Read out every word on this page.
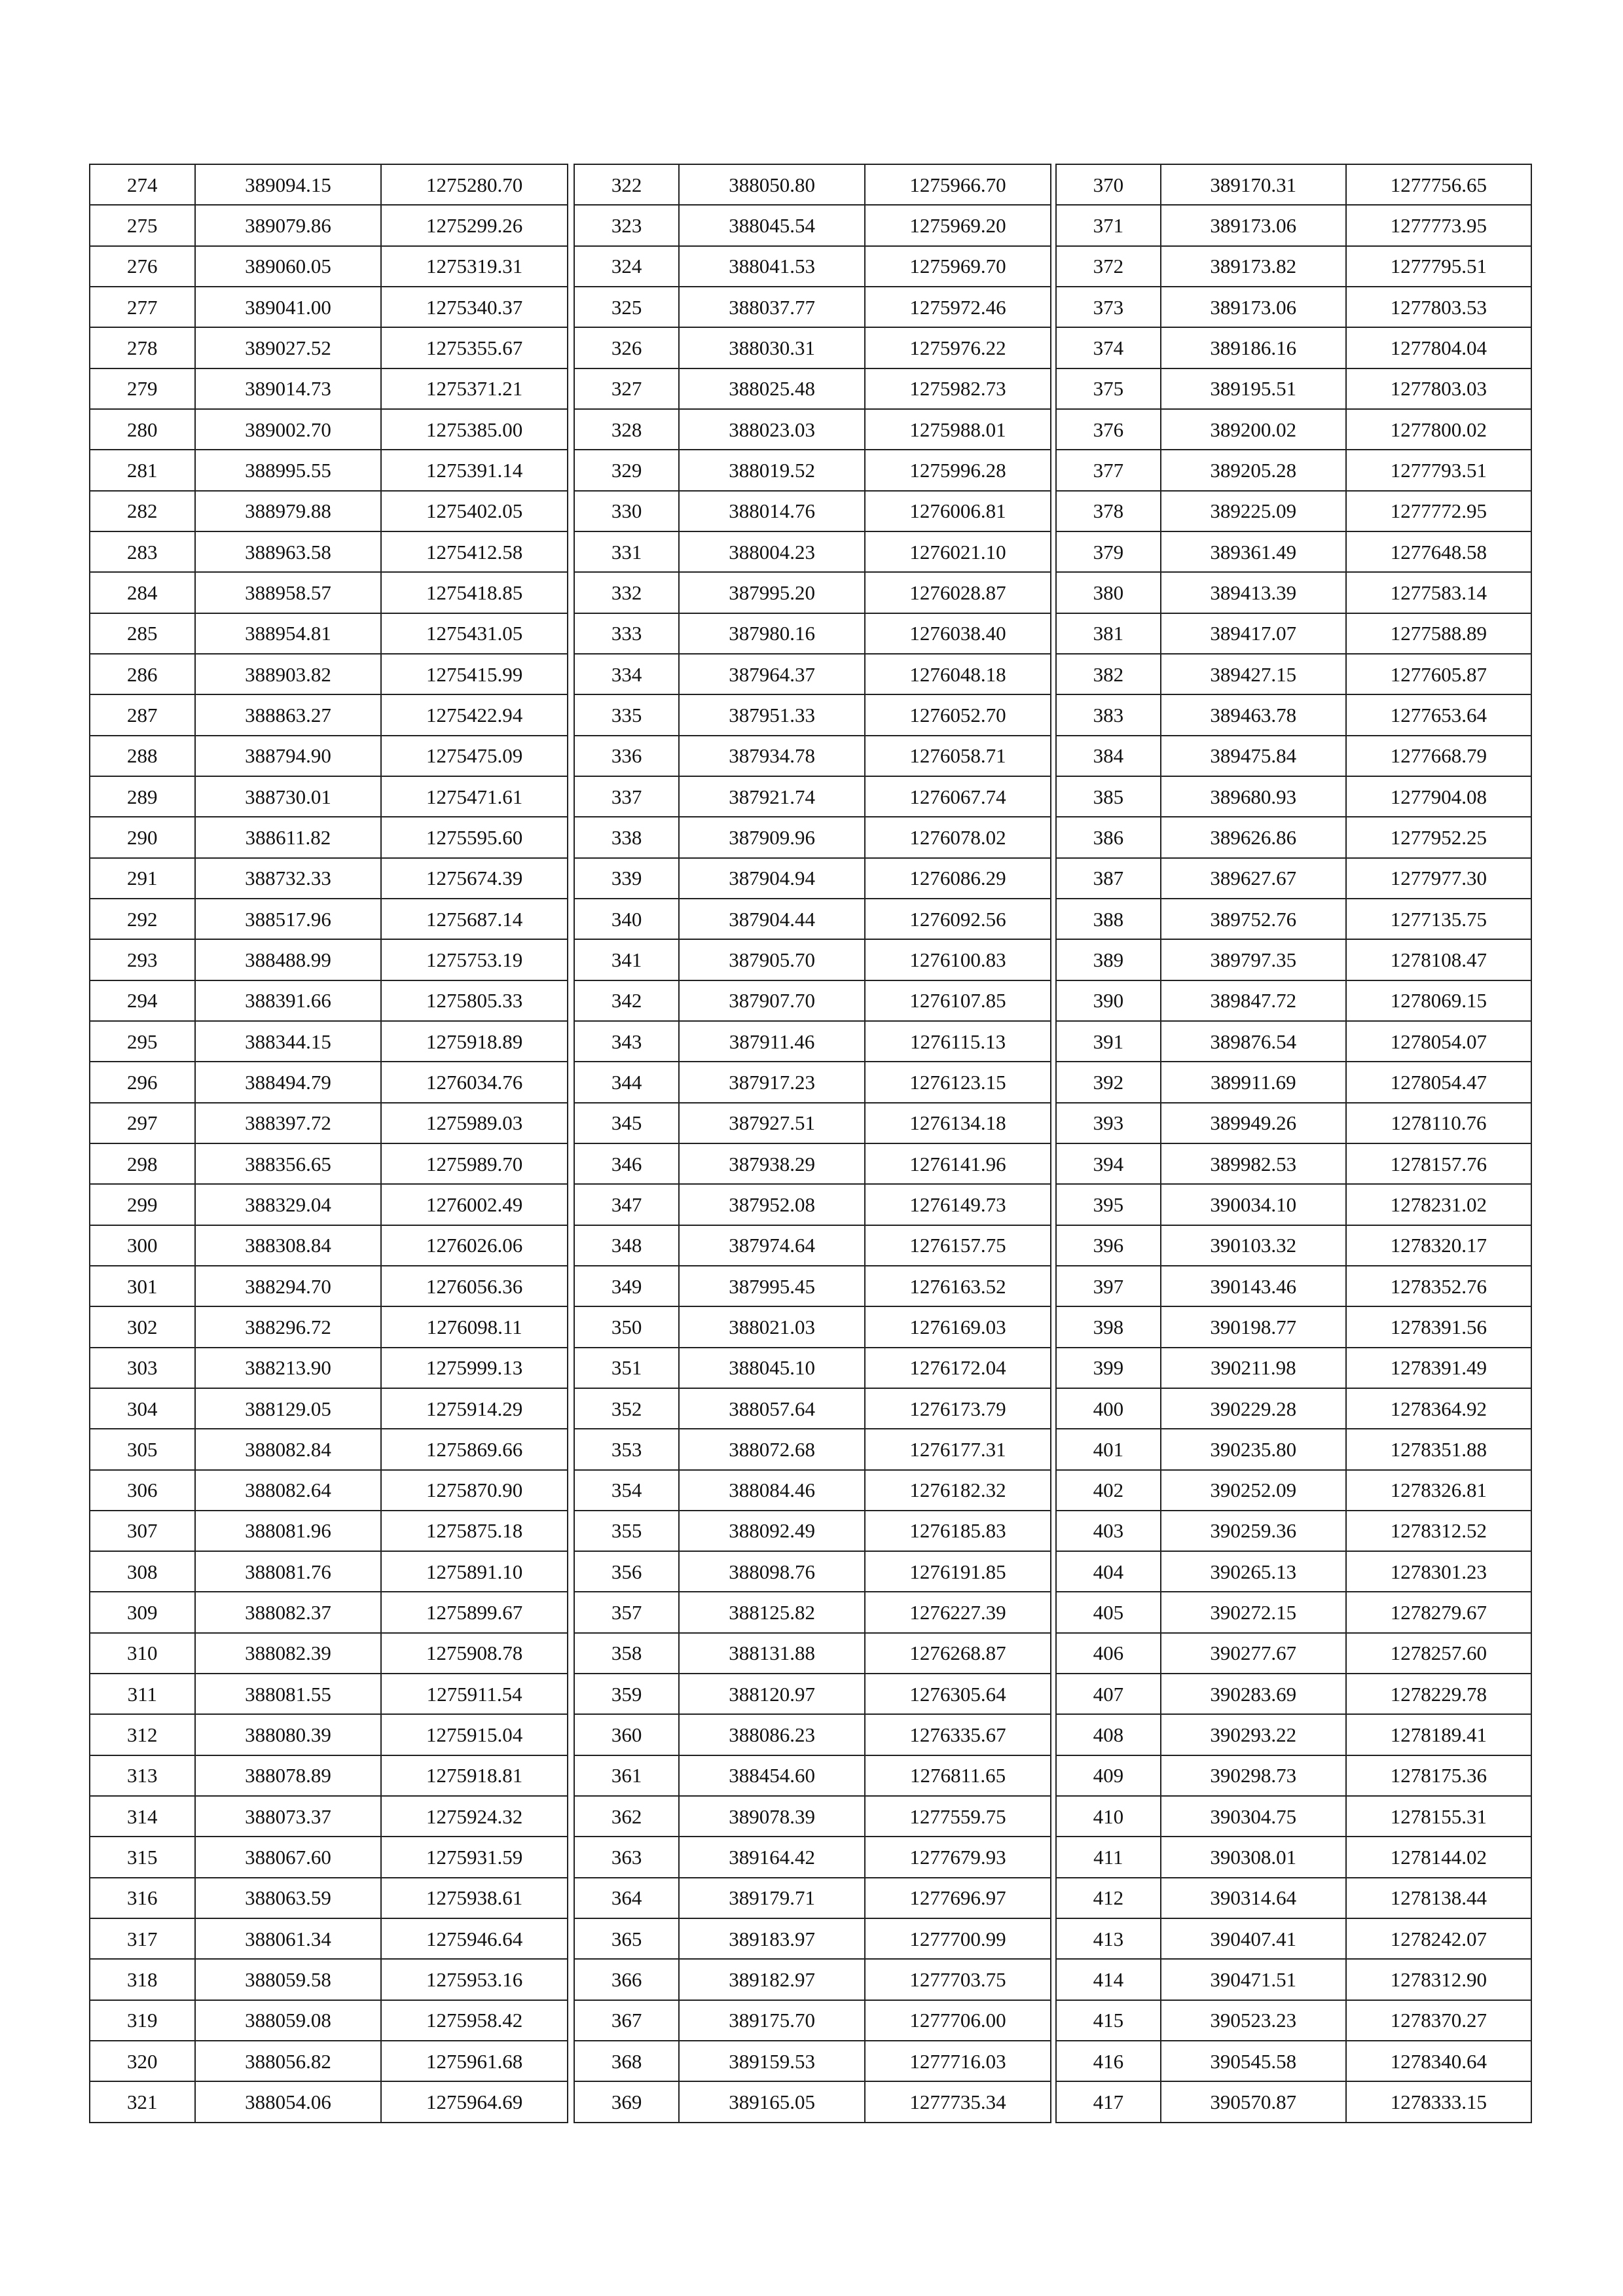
274	389094.15	1275280.70
275	389079.86	1275299.26
276	389060.05	1275319.31
277	389041.00	1275340.37
278	389027.52	1275355.67
279	389014.73	1275371.21
280	389002.70	1275385.00
281	388995.55	1275391.14
282	388979.88	1275402.05
283	388963.58	1275412.58
284	388958.57	1275418.85
285	388954.81	1275431.05
286	388903.82	1275415.99
287	388863.27	1275422.94
288	388794.90	1275475.09
289	388730.01	1275471.61
290	388611.82	1275595.60
291	388732.33	1275674.39
292	388517.96	1275687.14
293	388488.99	1275753.19
294	388391.66	1275805.33
295	388344.15	1275918.89
296	388494.79	1276034.76
297	388397.72	1275989.03
298	388356.65	1275989.70
299	388329.04	1276002.49
300	388308.84	1276026.06
301	388294.70	1276056.36
302	388296.72	1276098.11
303	388213.90	1275999.13
304	388129.05	1275914.29
305	388082.84	1275869.66
306	388082.64	1275870.90
307	388081.96	1275875.18
308	388081.76	1275891.10
309	388082.37	1275899.67
310	388082.39	1275908.78
311	388081.55	1275911.54
312	388080.39	1275915.04
313	388078.89	1275918.81
314	388073.37	1275924.32
315	388067.60	1275931.59
316	388063.59	1275938.61
317	388061.34	1275946.64
318	388059.58	1275953.16
319	388059.08	1275958.42
320	388056.82	1275961.68
321	388054.06	1275964.69
322	388050.80	1275966.70
323	388045.54	1275969.20
324	388041.53	1275969.70
325	388037.77	1275972.46
326	388030.31	1275976.22
327	388025.48	1275982.73
328	388023.03	1275988.01
329	388019.52	1275996.28
330	388014.76	1276006.81
331	388004.23	1276021.10
332	387995.20	1276028.87
333	387980.16	1276038.40
334	387964.37	1276048.18
335	387951.33	1276052.70
336	387934.78	1276058.71
337	387921.74	1276067.74
338	387909.96	1276078.02
339	387904.94	1276086.29
340	387904.44	1276092.56
341	387905.70	1276100.83
342	387907.70	1276107.85
343	387911.46	1276115.13
344	387917.23	1276123.15
345	387927.51	1276134.18
346	387938.29	1276141.96
347	387952.08	1276149.73
348	387974.64	1276157.75
349	387995.45	1276163.52
350	388021.03	1276169.03
351	388045.10	1276172.04
352	388057.64	1276173.79
353	388072.68	1276177.31
354	388084.46	1276182.32
355	388092.49	1276185.83
356	388098.76	1276191.85
357	388125.82	1276227.39
358	388131.88	1276268.87
359	388120.97	1276305.64
360	388086.23	1276335.67
361	388454.60	1276811.65
362	389078.39	1277559.75
363	389164.42	1277679.93
364	389179.71	1277696.97
365	389183.97	1277700.99
366	389182.97	1277703.75
367	389175.70	1277706.00
368	389159.53	1277716.03
369	389165.05	1277735.34
370	389170.31	1277756.65
371	389173.06	1277773.95
372	389173.82	1277795.51
373	389173.06	1277803.53
374	389186.16	1277804.04
375	389195.51	1277803.03
376	389200.02	1277800.02
377	389205.28	1277793.51
378	389225.09	1277772.95
379	389361.49	1277648.58
380	389413.39	1277583.14
381	389417.07	1277588.89
382	389427.15	1277605.87
383	389463.78	1277653.64
384	389475.84	1277668.79
385	389680.93	1277904.08
386	389626.86	1277952.25
387	389627.67	1277977.30
388	389752.76	1277135.75
389	389797.35	1278108.47
390	389847.72	1278069.15
391	389876.54	1278054.07
392	389911.69	1278054.47
393	389949.26	1278110.76
394	389982.53	1278157.76
395	390034.10	1278231.02
396	390103.32	1278320.17
397	390143.46	1278352.76
398	390198.77	1278391.56
399	390211.98	1278391.49
400	390229.28	1278364.92
401	390235.80	1278351.88
402	390252.09	1278326.81
403	390259.36	1278312.52
404	390265.13	1278301.23
405	390272.15	1278279.67
406	390277.67	1278257.60
407	390283.69	1278229.78
408	390293.22	1278189.41
409	390298.73	1278175.36
410	390304.75	1278155.31
411	390308.01	1278144.02
412	390314.64	1278138.44
413	390407.41	1278242.07
414	390471.51	1278312.90
415	390523.23	1278370.27
416	390545.58	1278340.64
417	390570.87	1278333.15
